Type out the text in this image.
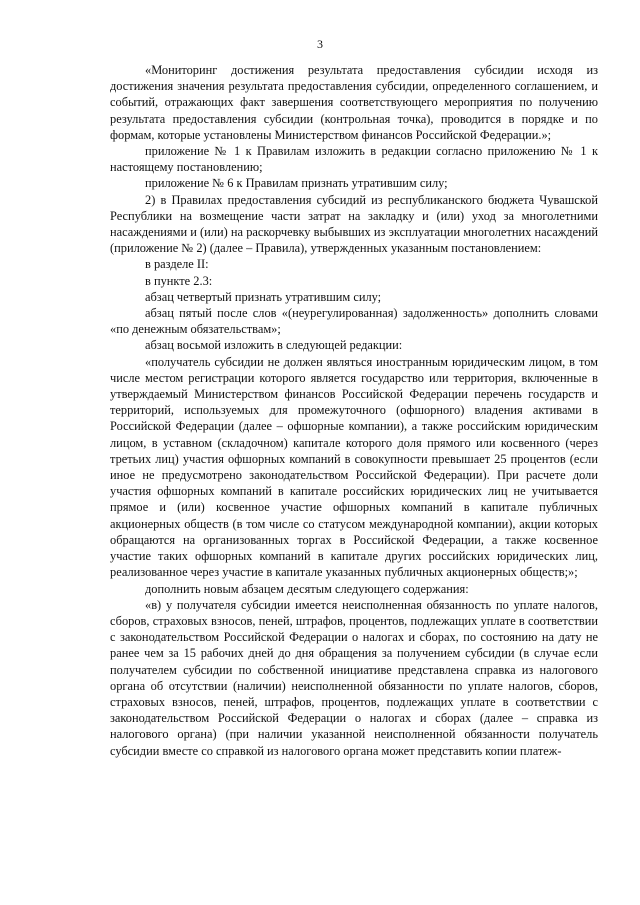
3

«Мониторинг достижения результата предоставления субсидии исходя из достижения значения результата предоставления субсидии, определенного соглашением, и событий, отражающих факт завершения соответствующего мероприятия по получению результата предоставления субсидии (контрольная точка), проводится в порядке и по формам, которые установлены Министерством финансов Российской Федерации.»;

приложение № 1 к Правилам изложить в редакции согласно приложению № 1 к настоящему постановлению;

приложение № 6 к Правилам признать утратившим силу;

2) в Правилах предоставления субсидий из республиканского бюджета Чувашской Республики на возмещение части затрат на закладку и (или) уход за многолетними насаждениями и (или) на раскорчевку выбывших из эксплуатации многолетних насаждений (приложение № 2) (далее – Правила), утвержденных указанным постановлением:

в разделе II:

в пункте 2.3:

абзац четвертый признать утратившим силу;

абзац пятый после слов «(неурегулированная) задолженность» дополнить словами «по денежным обязательствам»;

абзац восьмой изложить в следующей редакции:

«получатель субсидии не должен являться иностранным юридическим лицом, в том числе местом регистрации которого является государство или территория, включенные в утверждаемый Министерством финансов Российской Федерации перечень государств и территорий, используемых для промежуточного (офшорного) владения активами в Российской Федерации (далее – офшорные компании), а также российским юридическим лицом, в уставном (складочном) капитале которого доля прямого или косвенного (через третьих лиц) участия офшорных компаний в совокупности превышает 25 процентов (если иное не предусмотрено законодательством Российской Федерации). При расчете доли участия офшорных компаний в капитале российских юридических лиц не учитывается прямое и (или) косвенное участие офшорных компаний в капитале публичных акционерных обществ (в том числе со статусом международной компании), акции которых обращаются на организованных торгах в Российской Федерации, а также косвенное участие таких офшорных компаний в капитале других российских юридических лиц, реализованное через участие в капитале указанных публичных акционерных обществ;»;

дополнить новым абзацем десятым следующего содержания:

«в) у получателя субсидии имеется неисполненная обязанность по уплате налогов, сборов, страховых взносов, пеней, штрафов, процентов, подлежащих уплате в соответствии с законодательством Российской Федерации о налогах и сборах, по состоянию на дату не ранее чем за 15 рабочих дней до дня обращения за получением субсидии (в случае если получателем субсидии по собственной инициативе представлена справка из налогового органа об отсутствии (наличии) неисполненной обязанности по уплате налогов, сборов, страховых взносов, пеней, штрафов, процентов, подлежащих уплате в соответствии с законодательством Российской Федерации о налогах и сборах (далее – справка из налогового органа) (при наличии указанной неисполненной обязанности получатель субсидии вместе со справкой из налогового органа может представить копии платеж-
